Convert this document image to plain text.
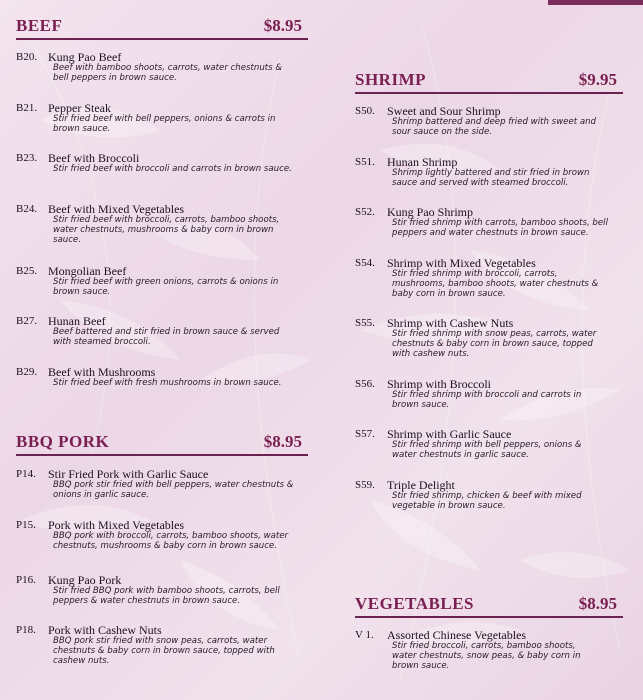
BEEF	$8.95
B20. Kung Pao Beef
Beef with bamboo shoots, carrots, water chestnuts & bell peppers in brown sauce.
B21. Pepper Steak
Stir fried beef with bell peppers, onions & carrots in brown sauce.
B23. Beef with Broccoli
Stir fried beef with broccoli and carrots in brown sauce.
B24. Beef with Mixed Vegetables
Stir fried beef with broccoli, carrots, bamboo shoots, water chestnuts, mushrooms & baby corn in brown sauce.
B25. Mongolian Beef
Stir fried beef with green onions, carrots & onions in brown sauce.
B27. Hunan Beef
Beef battered and stir fried in brown sauce & served with steamed broccoli.
B29. Beef with Mushrooms
Stir fried beef with fresh mushrooms in brown sauce.
BBQ PORK	$8.95
P14. Stir Fried Pork with Garlic Sauce
BBQ pork stir fried with bell peppers, water chestnuts & onions in garlic sauce.
P15. Pork with Mixed Vegetables
BBQ pork with broccoli, carrots, bamboo shoots, water chestnuts, mushrooms & baby corn in brown sauce.
P16. Kung Pao Pork
Stir fried BBQ pork with bamboo shoots, carrots, bell peppers & water chestnuts in brown sauce.
P18. Pork with Cashew Nuts
BBQ pork stir fried with snow peas, carrots, water chestnuts & baby corn in brown sauce, topped with cashew nuts.
SHRIMP	$9.95
S50. Sweet and Sour Shrimp
Shrimp battered and deep fried with sweet and sour sauce on the side.
S51. Hunan Shrimp
Shrimp lightly battered and stir fried in brown sauce and served with steamed broccoli.
S52. Kung Pao Shrimp
Stir fried shrimp with carrots, bamboo shoots, bell peppers and water chestnuts in brown sauce.
S54. Shrimp with Mixed Vegetables
Stir fried shrimp with broccoli, carrots, mushrooms, bamboo shoots, water chestnuts & baby corn in brown sauce.
S55. Shrimp with Cashew Nuts
Stir fried shrimp with snow peas, carrots, water chestnuts & baby corn in brown sauce, topped with cashew nuts.
S56. Shrimp with Broccoli
Stir fried shrimp with broccoli and carrots in brown sauce.
S57. Shrimp with Garlic Sauce
Stir fried shrimp with bell peppers, onions & water chestnuts in garlic sauce.
S59. Triple Delight
Stir fried shrimp, chicken & beef with mixed vegetable in brown sauce.
VEGETABLES	$8.95
V 1. Assorted Chinese Vegetables
Stir fried broccoli, carrots, bamboo shoots, water chestnuts, snow peas, & baby corn in brown sauce.
